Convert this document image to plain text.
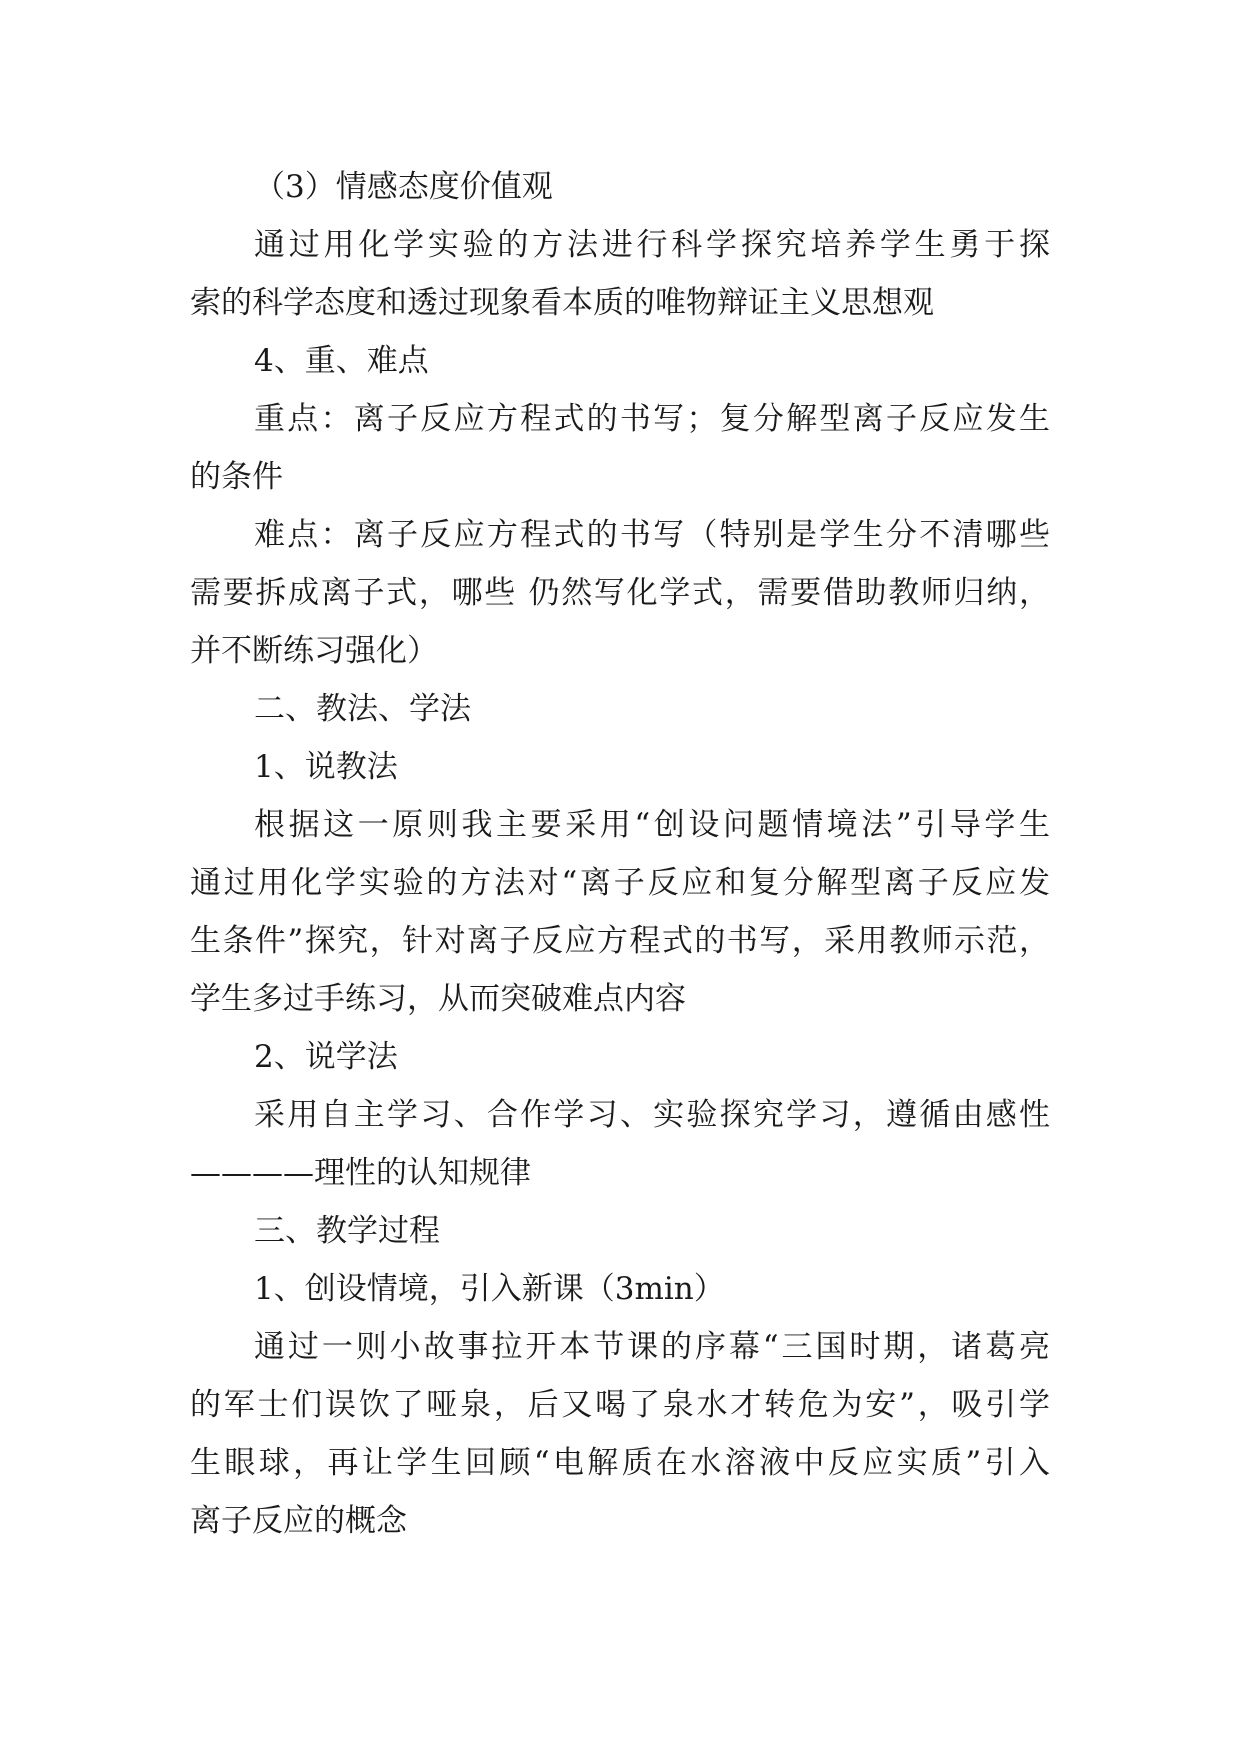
（3）情感态度价值观
通过用化学实验的方法进行科学探究培养学生勇于探
索的科学态度和透过现象看本质的唯物辩证主义思想观
4、重、难点
重点：离子反应方程式的书写；复分解型离子反应发生
的条件
难点：离子反应方程式的书写（特别是学生分不清哪些
需要拆成离子式，哪些 仍然写化学式，需要借助教师归纳，
并不断练习强化）
二、教法、学法
1、说教法
根据这一原则我主要采用“创设问题情境法”引导学生
通过用化学实验的方法对“离子反应和复分解型离子反应发
生条件”探究，针对离子反应方程式的书写，采用教师示范，
学生多过手练习，从而突破难点内容
2、说学法
采用自主学习、合作学习、实验探究学习，遵循由感性
————理性的认知规律
三、教学过程
1、创设情境，引入新课（3min）
通过一则小故事拉开本节课的序幕“三国时期，诸葛亮
的军士们误饮了哑泉，后又喝了泉水才转危为安”，吸引学
生眼球，再让学生回顾“电解质在水溶液中反应实质”引入
离子反应的概念
